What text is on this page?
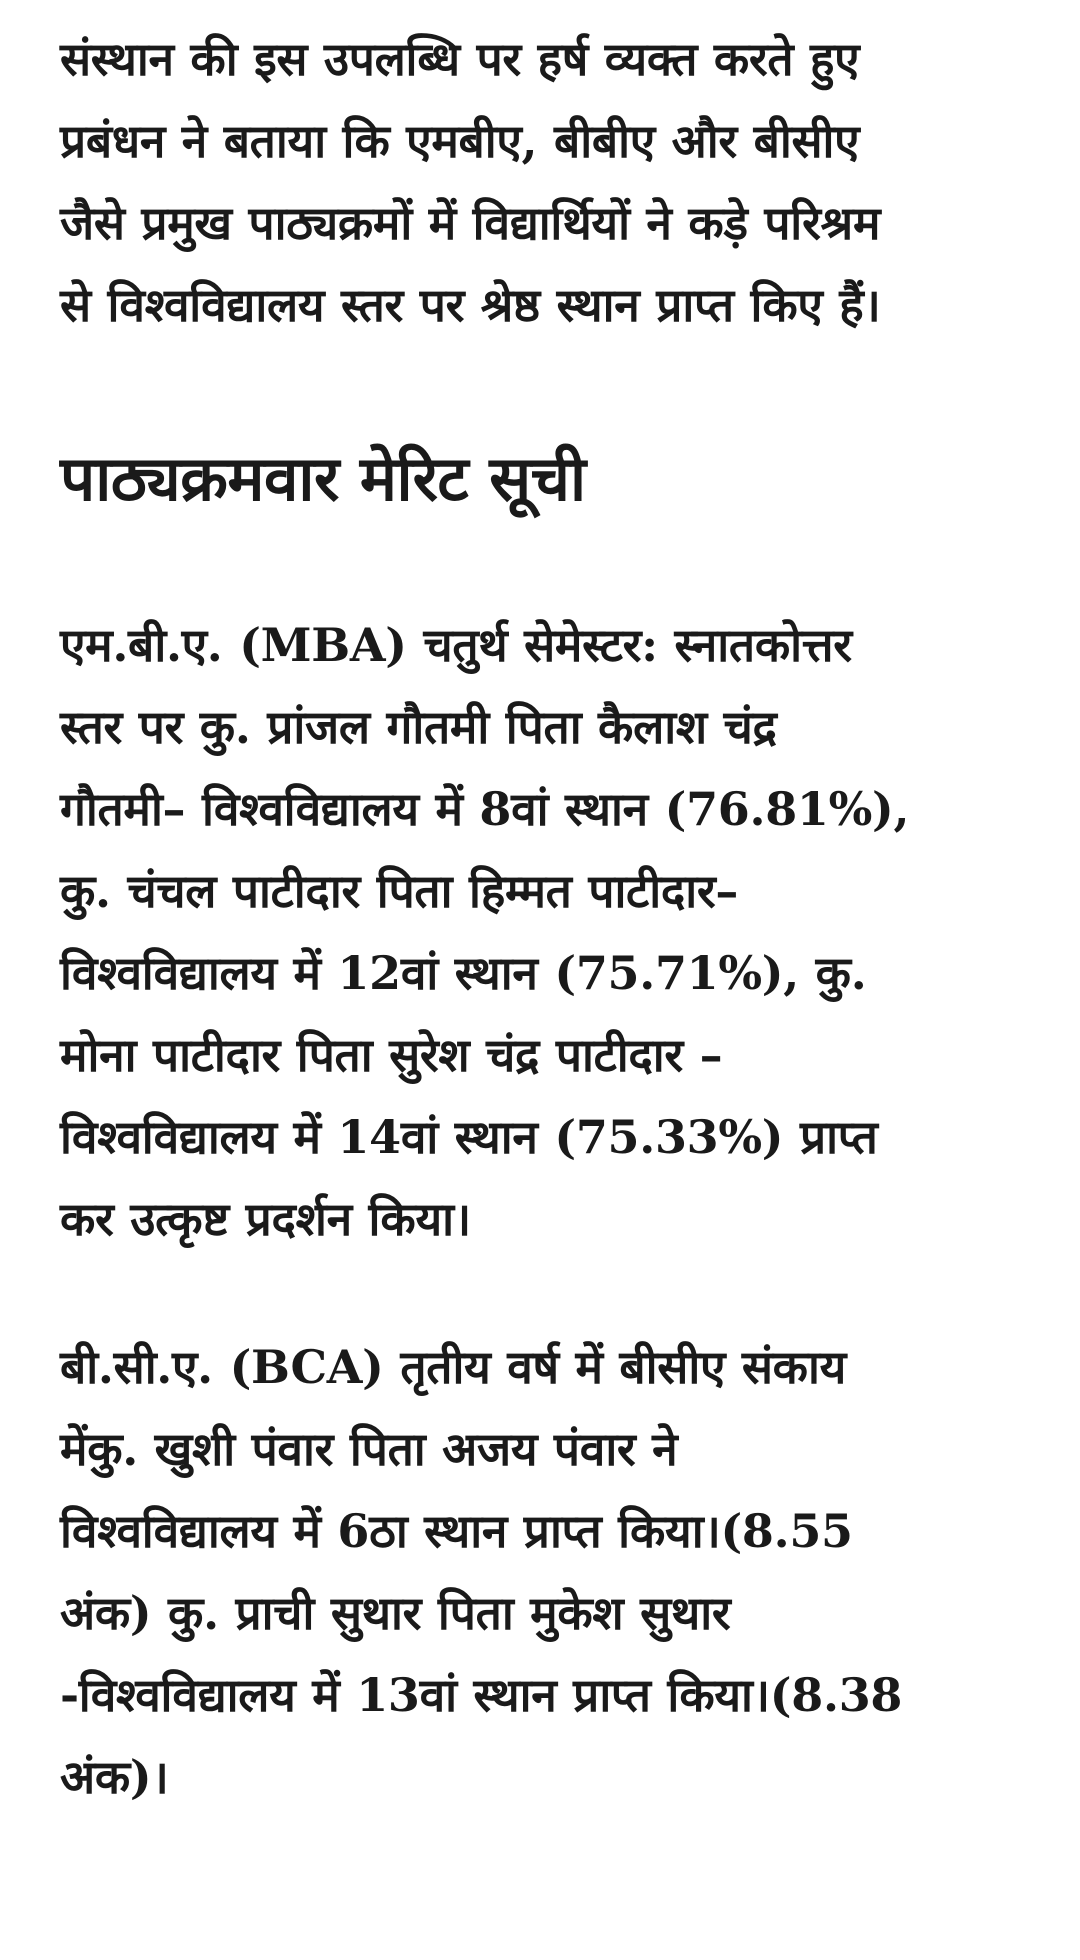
संस्थान की इस उपलब्धि पर हर्ष व्यक्त करते हुए
प्रबंधन ने बताया कि एमबीए, बीबीए और बीसीए
जैसे प्रमुख पाठ्यक्रमों में विद्यार्थियों ने कड़े परिश्रम
से विश्वविद्यालय स्तर पर श्रेष्ठ स्थान प्राप्त किए हैं।

पाठ्यक्रमवार मेरिट सूची

एम.बी.ए. (MBA) चतुर्थ सेमेस्टर: स्नातकोत्तर
स्तर पर कु. प्रांजल गौतमी पिता कैलाश चंद्र
गौतमी– विश्वविद्यालय में 8वां स्थान (76.81%),
कु. चंचल पाटीदार पिता हिम्मत पाटीदार–
विश्वविद्यालय में 12वां स्थान (75.71%), कु.
मोना पाटीदार पिता सुरेश चंद्र पाटीदार –
विश्वविद्यालय में 14वां स्थान (75.33%) प्राप्त
कर उत्कृष्ट प्रदर्शन किया।

बी.सी.ए. (BCA) तृतीय वर्ष में बीसीए संकाय
मेंकु. खुशी पंवार पिता अजय पंवार ने
विश्वविद्यालय में 6ठा स्थान प्राप्त किया।(8.55
अंक) कु. प्राची सुथार पिता मुकेश सुथार
-विश्वविद्यालय में 13वां स्थान प्राप्त किया।(8.38
अंक)।
